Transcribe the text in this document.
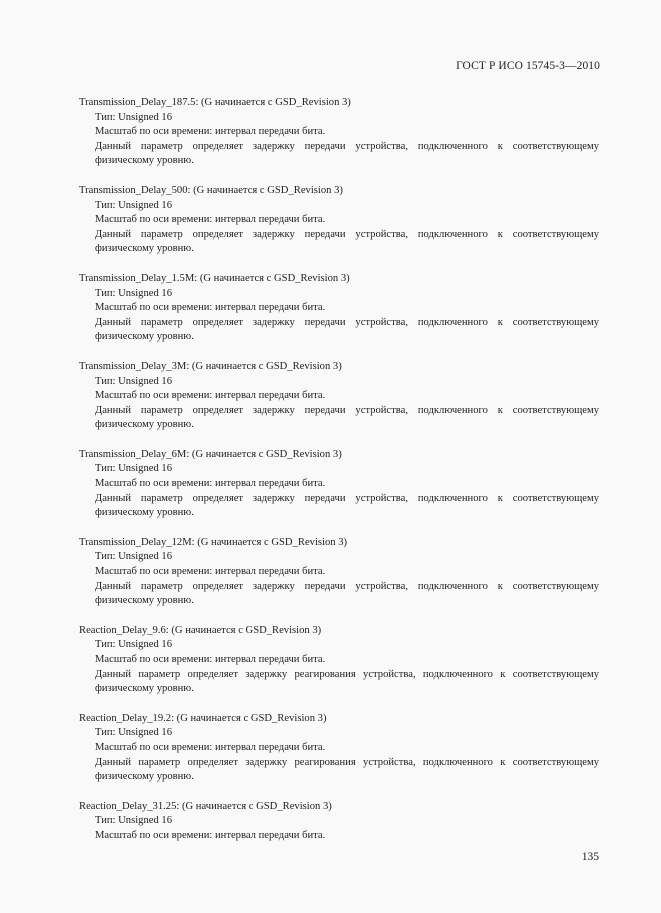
ГОСТ Р ИСО 15745-3—2010
Transmission_Delay_187.5: (G начинается с GSD_Revision 3)
Тип: Unsigned 16
Масштаб по оси времени: интервал передачи бита.
Данный параметр определяет задержку передачи устройства, подключенного к соответствующему
физическому уровню.
Transmission_Delay_500: (G начинается с GSD_Revision 3)
Тип: Unsigned 16
Масштаб по оси времени: интервал передачи бита.
Данный параметр определяет задержку передачи устройства, подключенного к соответствующему
физическому уровню.
Transmission_Delay_1.5M: (G начинается с GSD_Revision 3)
Тип: Unsigned 16
Масштаб по оси времени: интервал передачи бита.
Данный параметр определяет задержку передачи устройства, подключенного к соответствующему
физическому уровню.
Transmission_Delay_3M: (G начинается с GSD_Revision 3)
Тип: Unsigned 16
Масштаб по оси времени: интервал передачи бита.
Данный параметр определяет задержку передачи устройства, подключенного к соответствующему
физическому уровню.
Transmission_Delay_6M: (G начинается с GSD_Revision 3)
Тип: Unsigned 16
Масштаб по оси времени: интервал передачи бита.
Данный параметр определяет задержку передачи устройства, подключенного к соответствующему
физическому уровню.
Transmission_Delay_12M: (G начинается с GSD_Revision 3)
Тип: Unsigned 16
Масштаб по оси времени: интервал передачи бита.
Данный параметр определяет задержку передачи устройства, подключенного к соответствующему
физическому уровню.
Reaction_Delay_9.6: (G начинается с GSD_Revision 3)
Тип: Unsigned 16
Масштаб по оси времени: интервал передачи бита.
Данный параметр определяет задержку реагирования устройства, подключенного к соответствующему
физическому уровню.
Reaction_Delay_19.2: (G начинается с GSD_Revision 3)
Тип: Unsigned 16
Масштаб по оси времени: интервал передачи бита.
Данный параметр определяет задержку реагирования устройства, подключенного к соответствующему
физическому уровню.
Reaction_Delay_31.25: (G начинается с GSD_Revision 3)
Тип: Unsigned 16
Масштаб по оси времени: интервал передачи бита.
135
